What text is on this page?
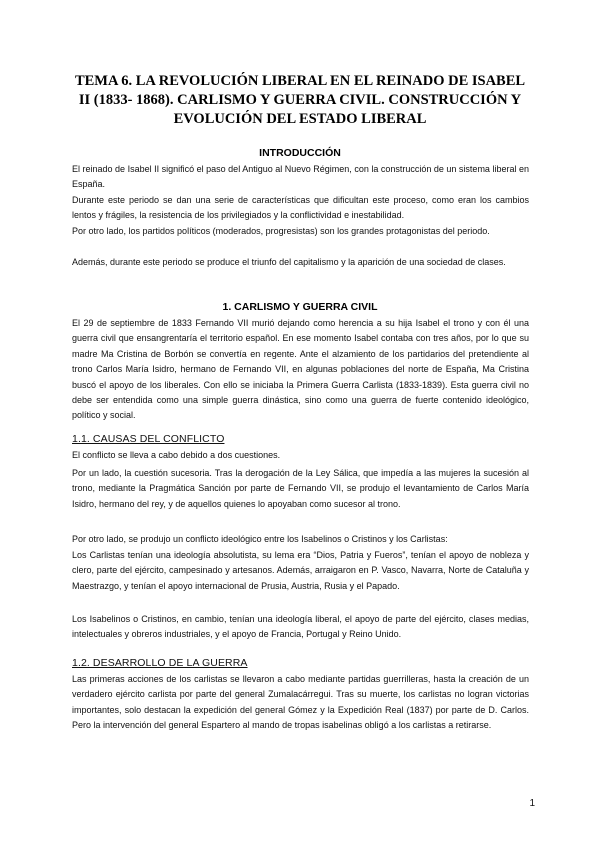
TEMA 6. LA REVOLUCIÓN LIBERAL EN EL REINADO DE ISABEL II (1833- 1868). CARLISMO Y GUERRA CIVIL. CONSTRUCCIÓN Y EVOLUCIÓN DEL ESTADO LIBERAL
INTRODUCCIÓN

El reinado de Isabel II significó el paso del Antiguo al Nuevo Régimen, con la construcción de un sistema liberal en España.

Durante este periodo se dan una serie de características que dificultan este proceso, como eran los cambios lentos y frágiles, la resistencia de los privilegiados y la conflictividad e inestabilidad.

Por otro lado, los partidos políticos (moderados, progresistas) son los grandes protagonistas del periodo.

Además, durante este periodo se produce el triunfo del capitalismo y la aparición de una sociedad de clases.

1. CARLISMO Y GUERRA CIVIL

El 29 de septiembre de 1833 Fernando VII murió dejando como herencia a su hija Isabel el trono y con él una guerra civil que ensangrentaría el territorio español. En ese momento Isabel contaba con tres años, por lo que su madre Ma Cristina de Borbón se convertía en regente. Ante el alzamiento de los partidarios del pretendiente al trono Carlos María Isidro, hermano de Fernando VII, en algunas poblaciones del norte de España, Ma Cristina buscó el apoyo de los liberales. Con ello se iniciaba la Primera Guerra Carlista (1833-1839). Esta guerra civil no debe ser entendida como una simple guerra dinástica, sino como una guerra de fuerte contenido ideológico, político y social.

1.1. CAUSAS DEL CONFLICTO

El conflicto se lleva a cabo debido a dos cuestiones.

Por un lado, la cuestión sucesoria. Tras la derogación de la Ley Sálica, que impedía a las mujeres la sucesión al trono, mediante la Pragmática Sanción por parte de Fernando VII, se produjo el levantamiento de Carlos María Isidro, hermano del rey, y de aquellos quienes lo apoyaban como sucesor al trono.

Por otro lado, se produjo un conflicto ideológico entre los Isabelinos o Cristinos y los Carlistas:

Los Carlistas tenían una ideología absolutista, su lema era “Dios, Patria y Fueros”, tenían el apoyo de nobleza y clero, parte del ejército, campesinado y artesanos. Además, arraigaron en P. Vasco, Navarra, Norte de Cataluña y Maestrazgo, y tenían el apoyo internacional de Prusia, Austria, Rusia y el Papado.

Los Isabelinos o Cristinos, en cambio, tenían una ideología liberal, el apoyo de parte del ejército, clases medias, intelectuales y obreros industriales, y el apoyo de Francia, Portugal y Reino Unido.

1.2. DESARROLLO DE LA GUERRA

Las primeras acciones de los carlistas se llevaron a cabo mediante partidas guerrilleras, hasta la creación de un verdadero ejército carlista por parte del general Zumalacárregui. Tras su muerte, los carlistas no logran victorias importantes, solo destacan la expedición del general Gómez y la Expedición Real (1837) por parte de D. Carlos. Pero la intervención del general Espartero al mando de tropas isabelinas obligó a los carlistas a retirarse.

1
